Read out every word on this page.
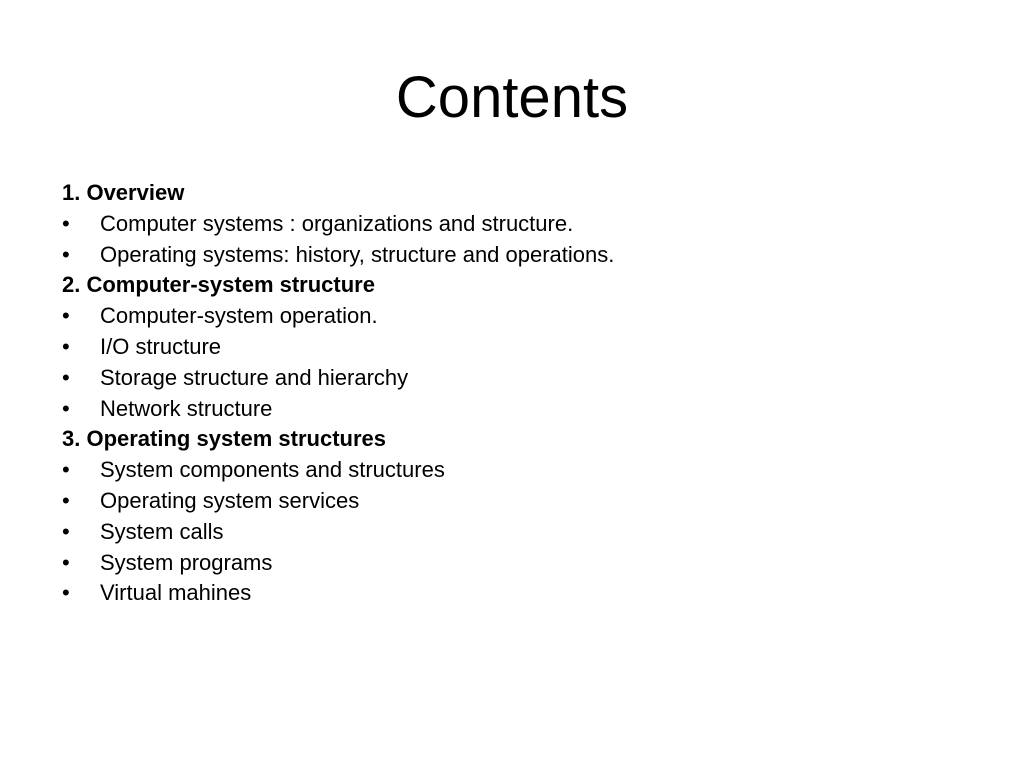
Contents
1. Overview
•	Computer systems : organizations and structure.
•	Operating systems: history, structure and operations.
2. Computer-system structure
•	Computer-system operation.
•	I/O structure
•	Storage structure and hierarchy
•	Network structure
3. Operating system structures
•	System components and structures
•	Operating system services
•	System calls
•	System programs
•	Virtual mahines
